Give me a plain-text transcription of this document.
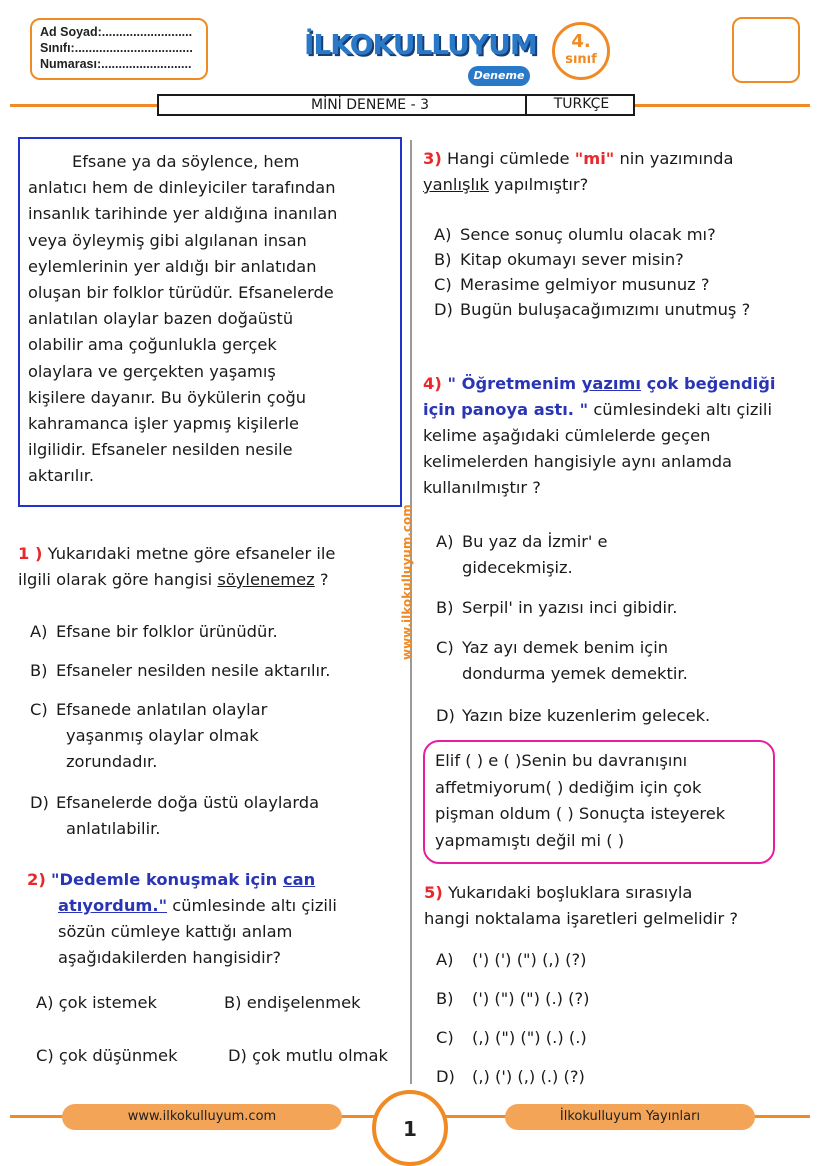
Ad Soyad:..........................
Sınıfı:..................................
Numarası:..........................
İLKOKULLUYUM
Deneme
4.
sınıf
MİNİ DENEME - 3	TÜRKÇE

Efsane ya da söylence, hem

anlatıcı hem de dinleyiciler tarafından

insanlık tarihinde yer aldığına inanılan

veya öyleymiş gibi algılanan insan

eylemlerinin yer aldığı bir anlatıdan

oluşan bir folklor türüdür. Efsanelerde

anlatılan olaylar bazen doğaüstü

olabilir ama çoğunlukla gerçek

olaylara ve gerçekten yaşamış

kişilere dayanır. Bu öykülerin çoğu

kahramanca işler yapmış kişilerle

ilgilidir. Efsaneler nesilden nesile

aktarılır.

www.ilkokulluyum.com
1 ) Yukarıdaki metne göre efsaneler ile
ilgili olarak göre hangisi söylenemez ?
A) Efsane bir folklor ürünüdür.
B) Efsaneler nesilden nesile aktarılır.
C) Efsanede anlatılan olaylar
yaşanmış olaylar olmak
zorundadır.
D) Efsanelerde doğa üstü olaylarda
anlatılabilir.
2) "Dedemle konuşmak için can
atıyordum." cümlesinde altı çizili
sözün cümleye kattığı anlam
aşağıdakilerden hangisidir?
A) çok istemek	B) endişelenmek
C) çok düşünmek	D) çok mutlu olmak
3) Hangi cümlede "mi" nin yazımında
yanlışlık yapılmıştır?
A) Sence sonuç olumlu olacak mı?
B) Kitap okumayı sever misin?
C) Merasime gelmiyor musunuz ?
D) Bugün buluşacağımızımı unutmuş ?
4) " Öğretmenim yazımı çok beğendiği
için panoya astı. " cümlesindeki altı çizili
kelime aşağıdaki cümlelerde geçen
kelimelerden hangisiyle aynı anlamda
kullanılmıştır ?
A) Bu yaz da İzmir' e
gidecekmişiz.
B) Serpil' in yazısı inci gibidir.
C) Yaz ayı demek benim için
dondurma yemek demektir.
D) Yazın bize kuzenlerim gelecek.
Elif ( ) e ( )Senin bu davranışını
affetmiyorum( ) dediğim için çok
pişman oldum ( ) Sonuçta isteyerek
yapmamıştı değil mi ( )
5) Yukarıdaki boşluklara sırasıyla
hangi noktalama işaretleri gelmelidir ?
A) (') (') (") (,) (?)
B) (') (") (") (.) (?)
C) (,) (") (") (.) (.)
D) (,) (') (,) (.) (?)
www.ilkokulluyum.com	İlkokulluyum Yayınları
1
